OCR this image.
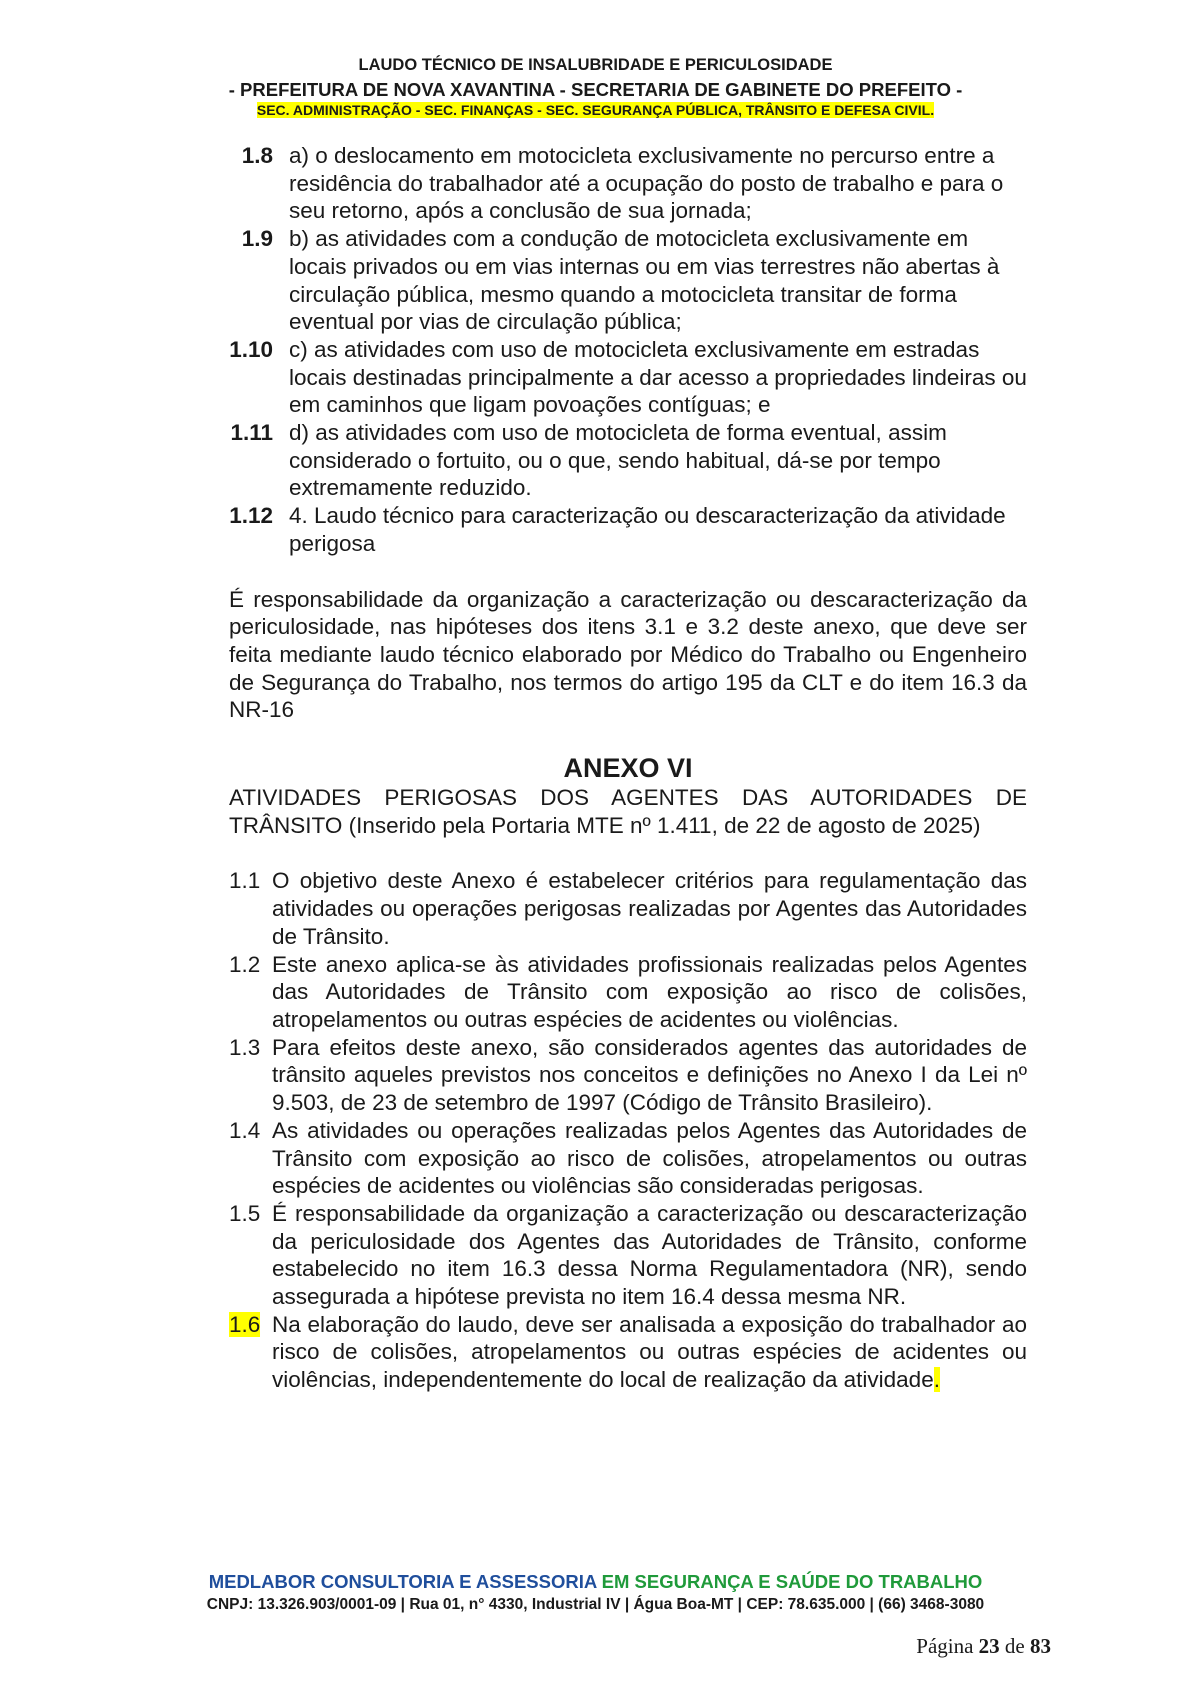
LAUDO TÉCNICO DE INSALUBRIDADE E PERICULOSIDADE
- PREFEITURA DE NOVA XAVANTINA - SECRETARIA DE GABINETE DO PREFEITO -
SEC. ADMINISTRAÇÃO - SEC. FINANÇAS - SEC. SEGURANÇA PÚBLICA, TRÂNSITO E DEFESA CIVIL.
1.8 a) o deslocamento em motocicleta exclusivamente no percurso entre a residência do trabalhador até a ocupação do posto de trabalho e para o seu retorno, após a conclusão de sua jornada;
1.9 b) as atividades com a condução de motocicleta exclusivamente em locais privados ou em vias internas ou em vias terrestres não abertas à circulação pública, mesmo quando a motocicleta transitar de forma eventual por vias de circulação pública;
1.10 c) as atividades com uso de motocicleta exclusivamente em estradas locais destinadas principalmente a dar acesso a propriedades lindeiras ou em caminhos que ligam povoações contíguas; e
1.11 d) as atividades com uso de motocicleta de forma eventual, assim considerado o fortuito, ou o que, sendo habitual, dá-se por tempo extremamente reduzido.
1.12 4. Laudo técnico para caracterização ou descaracterização da atividade perigosa
É responsabilidade da organização a caracterização ou descaracterização da periculosidade, nas hipóteses dos itens 3.1 e 3.2 deste anexo, que deve ser feita mediante laudo técnico elaborado por Médico do Trabalho ou Engenheiro de Segurança do Trabalho, nos termos do artigo 195 da CLT e do item 16.3 da NR-16
ANEXO VI
ATIVIDADES PERIGOSAS DOS AGENTES DAS AUTORIDADES DE TRÂNSITO (Inserido pela Portaria MTE nº 1.411, de 22 de agosto de 2025)
1.1 O objetivo deste Anexo é estabelecer critérios para regulamentação das atividades ou operações perigosas realizadas por Agentes das Autoridades de Trânsito.
1.2 Este anexo aplica-se às atividades profissionais realizadas pelos Agentes das Autoridades de Trânsito com exposição ao risco de colisões, atropelamentos ou outras espécies de acidentes ou violências.
1.3 Para efeitos deste anexo, são considerados agentes das autoridades de trânsito aqueles previstos nos conceitos e definições no Anexo I da Lei nº 9.503, de 23 de setembro de 1997 (Código de Trânsito Brasileiro).
1.4 As atividades ou operações realizadas pelos Agentes das Autoridades de Trânsito com exposição ao risco de colisões, atropelamentos ou outras espécies de acidentes ou violências são consideradas perigosas.
1.5 É responsabilidade da organização a caracterização ou descaracterização da periculosidade dos Agentes das Autoridades de Trânsito, conforme estabelecido no item 16.3 dessa Norma Regulamentadora (NR), sendo assegurada a hipótese prevista no item 16.4 dessa mesma NR.
1.6 Na elaboração do laudo, deve ser analisada a exposição do trabalhador ao risco de colisões, atropelamentos ou outras espécies de acidentes ou violências, independentemente do local de realização da atividade.
MEDLABOR CONSULTORIA E ASSESSORIA EM SEGURANÇA E SAÚDE DO TRABALHO
CNPJ: 13.326.903/0001-09 | Rua 01, n° 4330, Industrial IV | Água Boa-MT | CEP: 78.635.000 | (66) 3468-3080
Página 23 de 83
